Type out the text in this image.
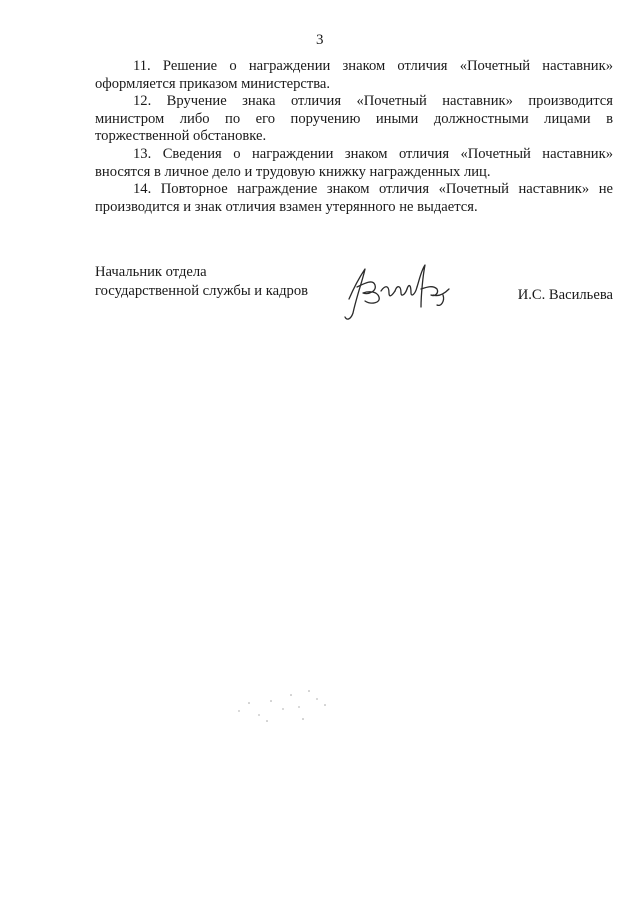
3

11. Решение о награждении знаком отличия «Почетный наставник» оформляется приказом министерства.

12. Вручение знака отличия «Почетный наставник» производится министром либо по его поручению иными должностными лицами в торжественной обстановке.

13. Сведения о награждении знаком отличия «Почетный наставник» вносятся в личное дело и трудовую книжку награжденных лиц.

14. Повторное награждение знаком отличия «Почетный наставник» не производится и знак отличия взамен утерянного не выдается.

Начальник отдела
государственной службы и кадров	И.С. Васильева
